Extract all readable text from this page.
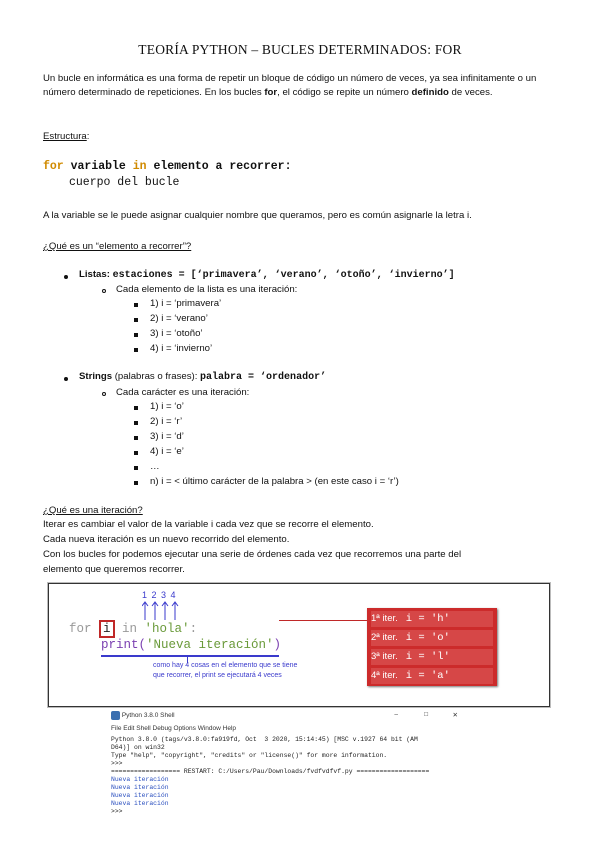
TEORÍA PYTHON – BUCLES DETERMINADOS: FOR
Un bucle en informática es una forma de repetir un bloque de código un número de veces, ya sea infinitamente o un número determinado de repeticiones. En los bucles for, el código se repite un número definido de veces.
Estructura:
for variable in elemento a recorrer:
cuerpo del bucle
A la variable se le puede asignar cualquier nombre que queramos, pero es común asignarle la letra i.
¿Qué es un “elemento a recorrer”?
Listas: estaciones = [‘primavera’, ‘verano’, ‘otoño’, ‘invierno’]
Cada elemento de la lista es una iteración:
1) i = ‘primavera’
2) i = ‘verano’
3) i = ‘otoño’
4) i = ‘invierno’
Strings (palabras o frases): palabra = ‘ordenador’
Cada carácter es una iteración:
1) i = ‘o’
2) i = ‘r’
3) i = ‘d’
4) i = ‘e’
…
n) i = < último carácter de la palabra > (en este caso i = ‘r’)
¿Qué es una iteración?
Iterar es cambiar el valor de la variable i cada vez que se recorre el elemento.
Cada nueva iteración es un nuevo recorrido del elemento.
Con los bucles for podemos ejecutar una serie de órdenes cada vez que recorremos una parte del
elemento que queremos recorrer.
1 2 3 4
for i in 'hola':
print('Nueva iteración')
como hay 4 cosas en el elemento que se tiene
que recorrer, el print se ejecutará 4 veces
1ª iter. i = 'h'
2ª iter. i = 'o'
3ª iter. i = 'l'
4ª iter. i = 'a'
Python 3.8.0 Shell	–	□	✕
File Edit Shell Debug Options Window Help
Python 3.8.0 (tags/v3.8.0:fa919fd, Oct  3 2020, 15:14:45) [MSC v.1927 64 bit (AM
D64)] on win32
Type "help", "copyright", "credits" or "license()" for more information.
>>>
================== RESTART: C:/Users/Pau/Downloads/fvdfvdfvf.py ===================
Nueva iteración
Nueva iteración
Nueva iteración
Nueva iteración
>>>
